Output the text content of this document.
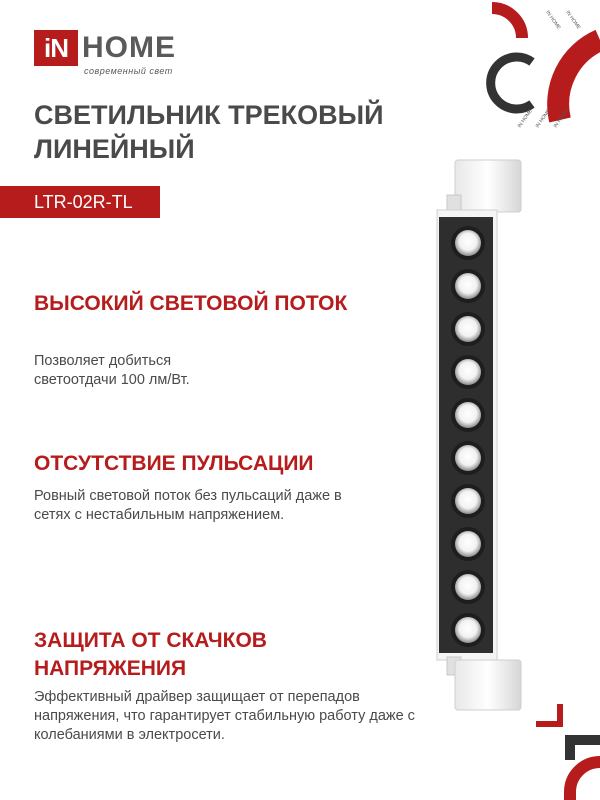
iN HOME
современный свет
IN HOME IN HOME
IN HOME IN HOME IN HOME
СВЕТИЛЬНИК ТРЕКОВЫЙ ЛИНЕЙНЫЙ
LTR-02R-TL
ВЫСОКИЙ СВЕТОВОЙ ПОТОК

Позволяет добиться светоотдачи 100 лм/Вт.

ОТСУТСТВИЕ ПУЛЬСАЦИИ

Ровный световой поток без пульсаций даже в сетях с нестабильным напряжением.

ЗАЩИТА ОТ СКАЧКОВ НАПРЯЖЕНИЯ

Эффективный драйвер защищает от перепадов напряжения, что гарантирует стабильную работу даже с колебаниями в электросети.
